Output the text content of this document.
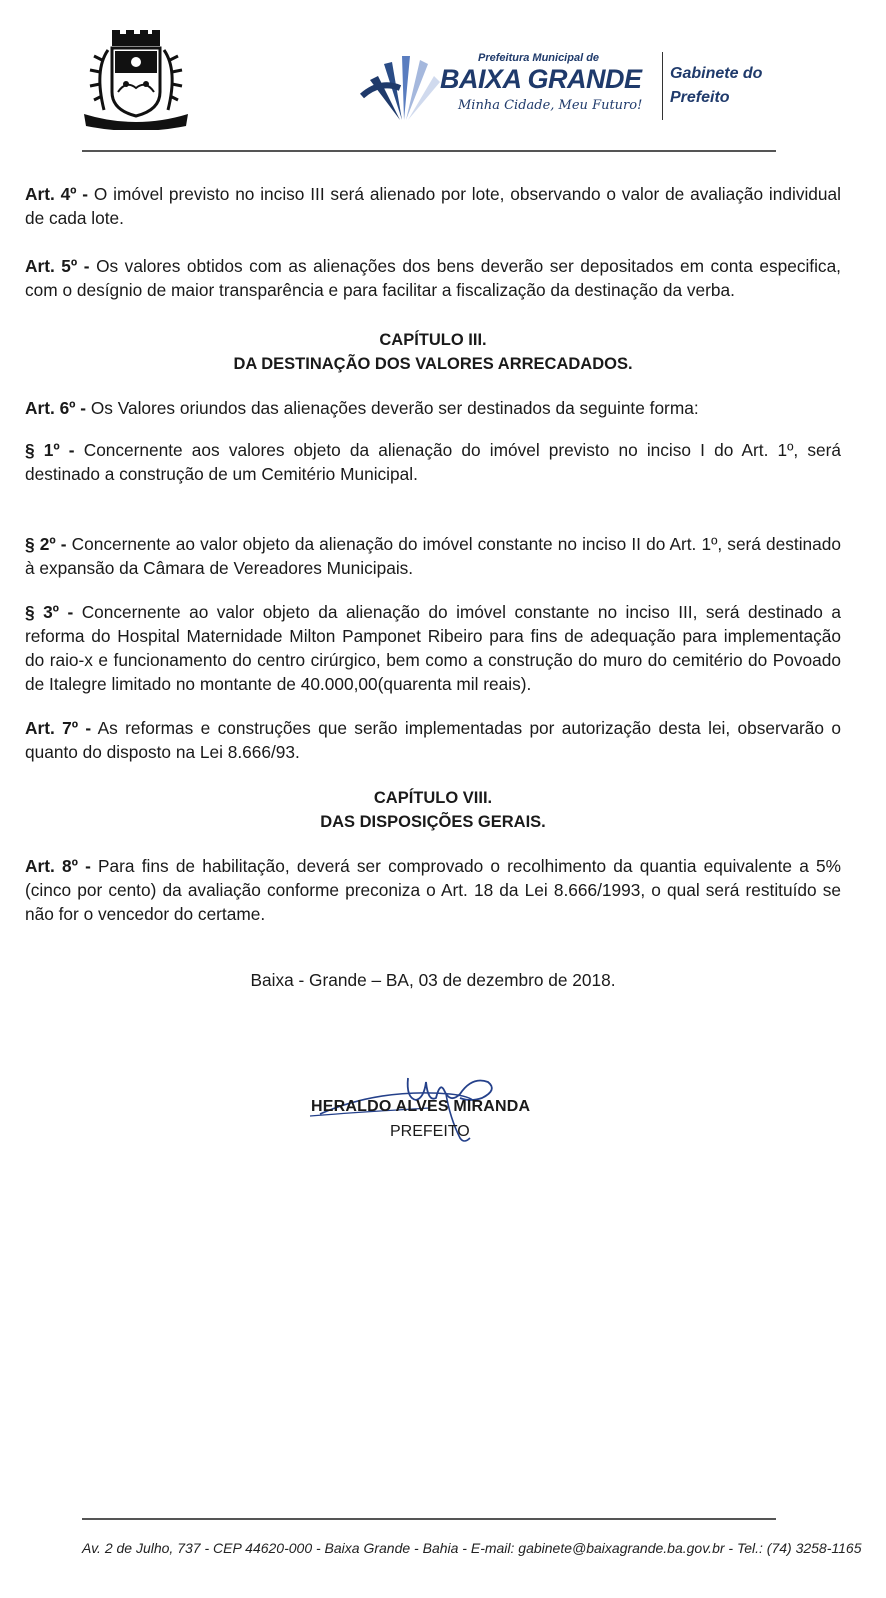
Prefeitura Municipal de
BAIXA GRANDE
Minha Cidade, Meu Futuro!
Gabinete do
Prefeito

Art. 4º - O imóvel previsto no inciso III será alienado por lote, observando o valor de avaliação individual de cada lote.

Art. 5º - Os valores obtidos com as alienações dos bens deverão ser depositados em conta especifica, com o desígnio de maior transparência e para facilitar a fiscalização da destinação da verba.

CAPÍTULO III.
DA DESTINAÇÃO DOS VALORES ARRECADADOS.

Art. 6º - Os Valores oriundos das alienações deverão ser destinados da seguinte forma:

§ 1º - Concernente aos valores objeto da alienação do imóvel previsto no inciso I do Art. 1º, será destinado a construção de um Cemitério Municipal.

§ 2º - Concernente ao valor objeto da alienação do imóvel constante no inciso II do Art. 1º, será destinado à expansão da Câmara de Vereadores Municipais.

§ 3º - Concernente ao valor objeto da alienação do imóvel constante no inciso III, será destinado a reforma do Hospital Maternidade Milton Pamponet Ribeiro para fins de adequação para implementação do raio-x e funcionamento do centro cirúrgico, bem como a construção do muro do cemitério do Povoado de Italegre limitado no montante de 40.000,00(quarenta mil reais).

Art. 7º - As reformas e construções que serão implementadas por autorização desta lei, observarão o quanto do disposto na Lei 8.666/93.

CAPÍTULO VIII.
DAS DISPOSIÇÕES GERAIS.

Art. 8º - Para fins de habilitação, deverá ser comprovado o recolhimento da quantia equivalente a 5% (cinco por cento) da avaliação conforme preconiza o Art. 18 da Lei 8.666/1993, o qual será restituído se não for o vencedor do certame.

Baixa - Grande – BA, 03 de dezembro de 2018.

HERALDO ALVES MIRANDA
PREFEITO
Av. 2 de Julho, 737 - CEP 44620-000 - Baixa Grande - Bahia - E-mail: gabinete@baixagrande.ba.gov.br - Tel.: (74) 3258-1165
